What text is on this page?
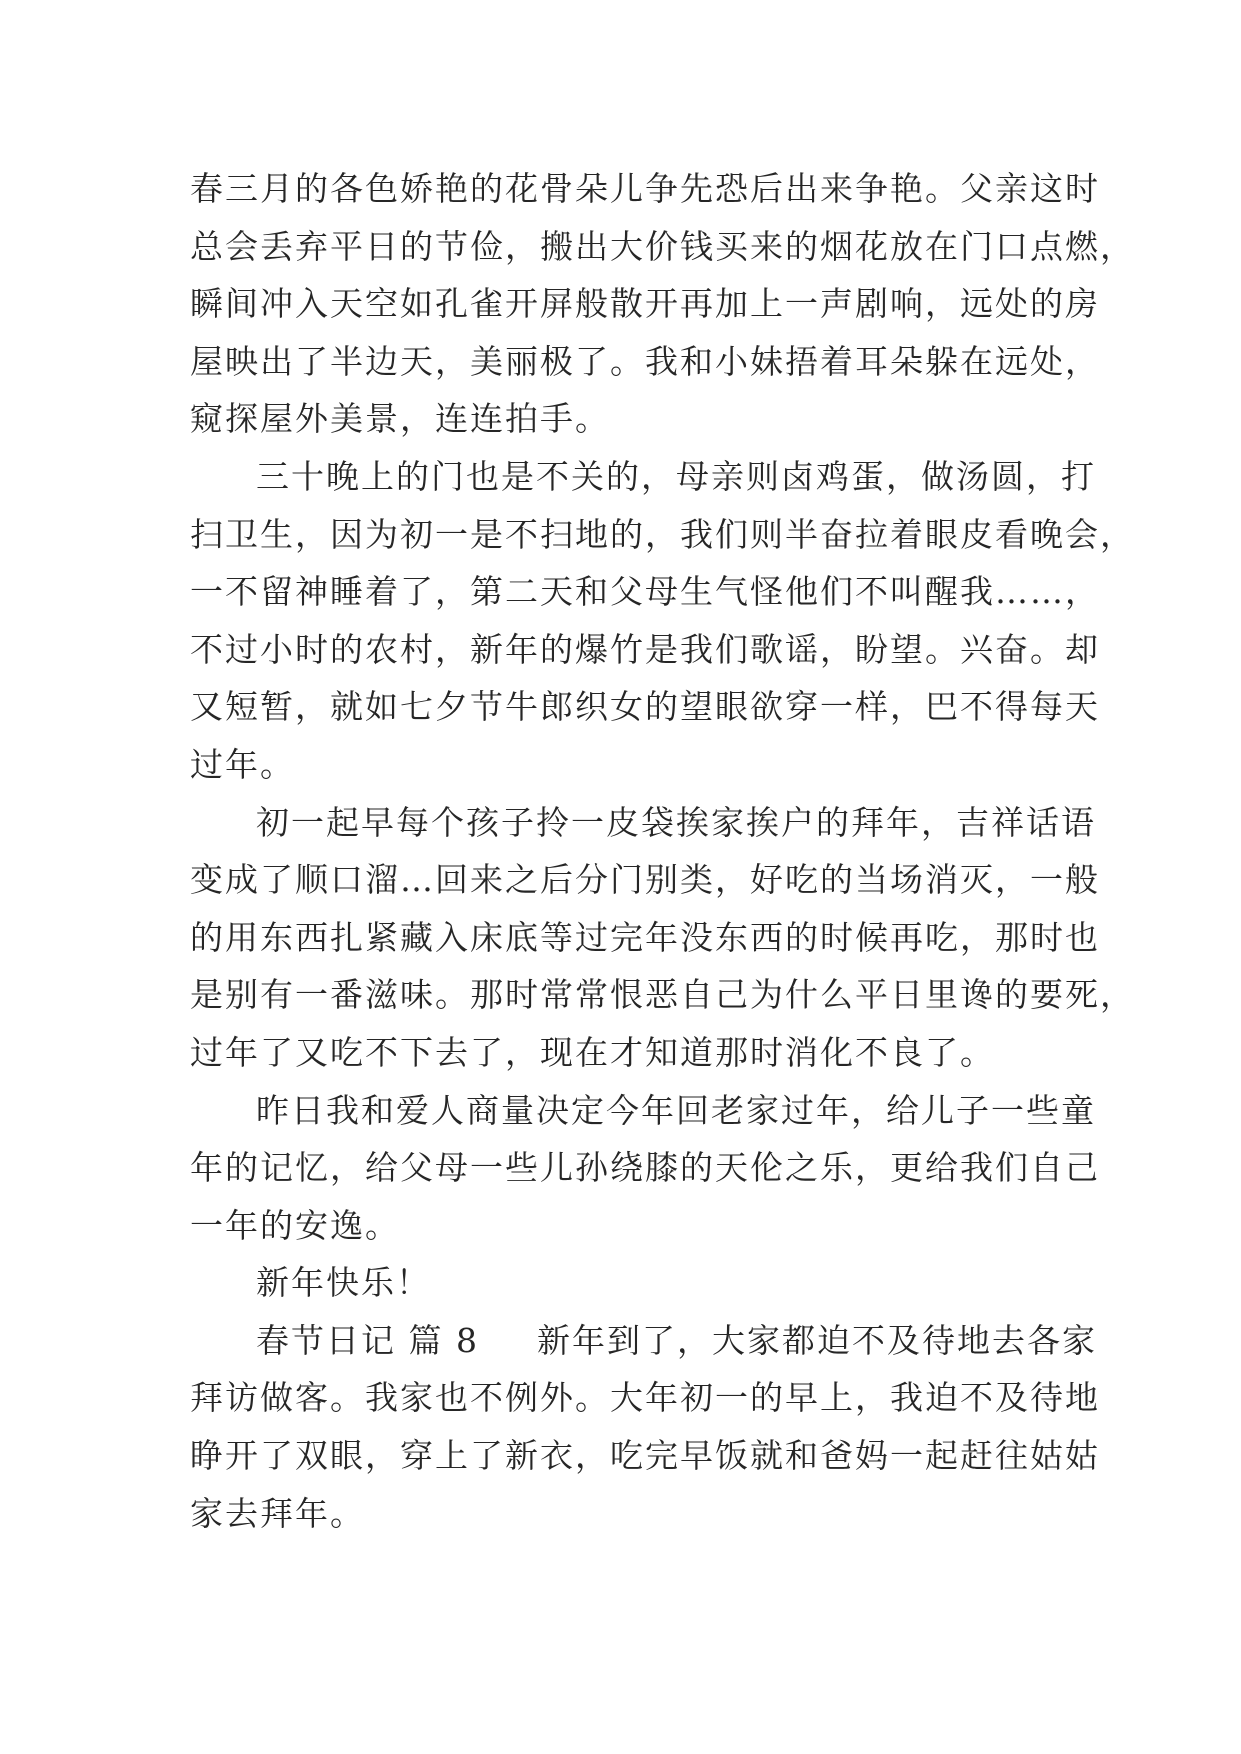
春三月的各色娇艳的花骨朵儿争先恐后出来争艳。父亲这时
总会丢弃平日的节俭，搬出大价钱买来的烟花放在门口点燃，
瞬间冲入天空如孔雀开屏般散开再加上一声剧响，远处的房
屋映出了半边天，美丽极了。我和小妹捂着耳朵躲在远处，
窥探屋外美景，连连拍手。
三十晚上的门也是不关的，母亲则卤鸡蛋，做汤圆，打
扫卫生，因为初一是不扫地的，我们则半奋拉着眼皮看晚会，
一不留神睡着了，第二天和父母生气怪他们不叫醒我……，
不过小时的农村，新年的爆竹是我们歌谣，盼望。兴奋。却
又短暂，就如七夕节牛郎织女的望眼欲穿一样，巴不得每天
过年。
初一起早每个孩子拎一皮袋挨家挨户的拜年，吉祥话语
变成了顺口溜…回来之后分门别类，好吃的当场消灭，一般
的用东西扎紧藏入床底等过完年没东西的时候再吃，那时也
是别有一番滋味。那时常常恨恶自己为什么平日里谗的要死，
过年了又吃不下去了，现在才知道那时消化不良了。
昨日我和爱人商量决定今年回老家过年，给儿子一些童
年的记忆，给父母一些儿孙绕膝的天伦之乐，更给我们自己
一年的安逸。
新年快乐！
春节日记 篇 8 新年到了，大家都迫不及待地去各家
拜访做客。我家也不例外。大年初一的早上，我迫不及待地
睁开了双眼，穿上了新衣，吃完早饭就和爸妈一起赶往姑姑
家去拜年。
